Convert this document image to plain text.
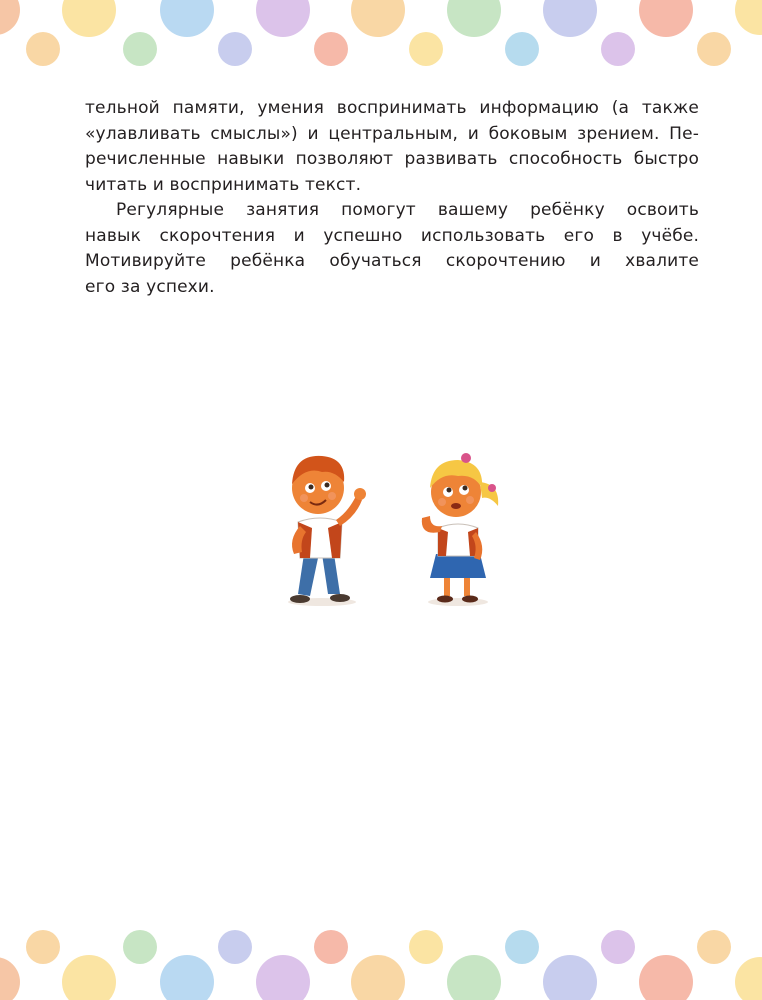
тельной памяти, умения воспринимать информацию (а также
«улавливать смыслы») и центральным, и боковым зрением. Пе-
речисленные навыки позволяют развивать способность быстро
читать и воспринимать текст.
Регулярные занятия помогут вашему ребёнку освоить
навык скорочтения и успешно использовать его в учёбе.
Мотивируйте ребёнка обучаться скорочтению и хвалите
его за успехи.
